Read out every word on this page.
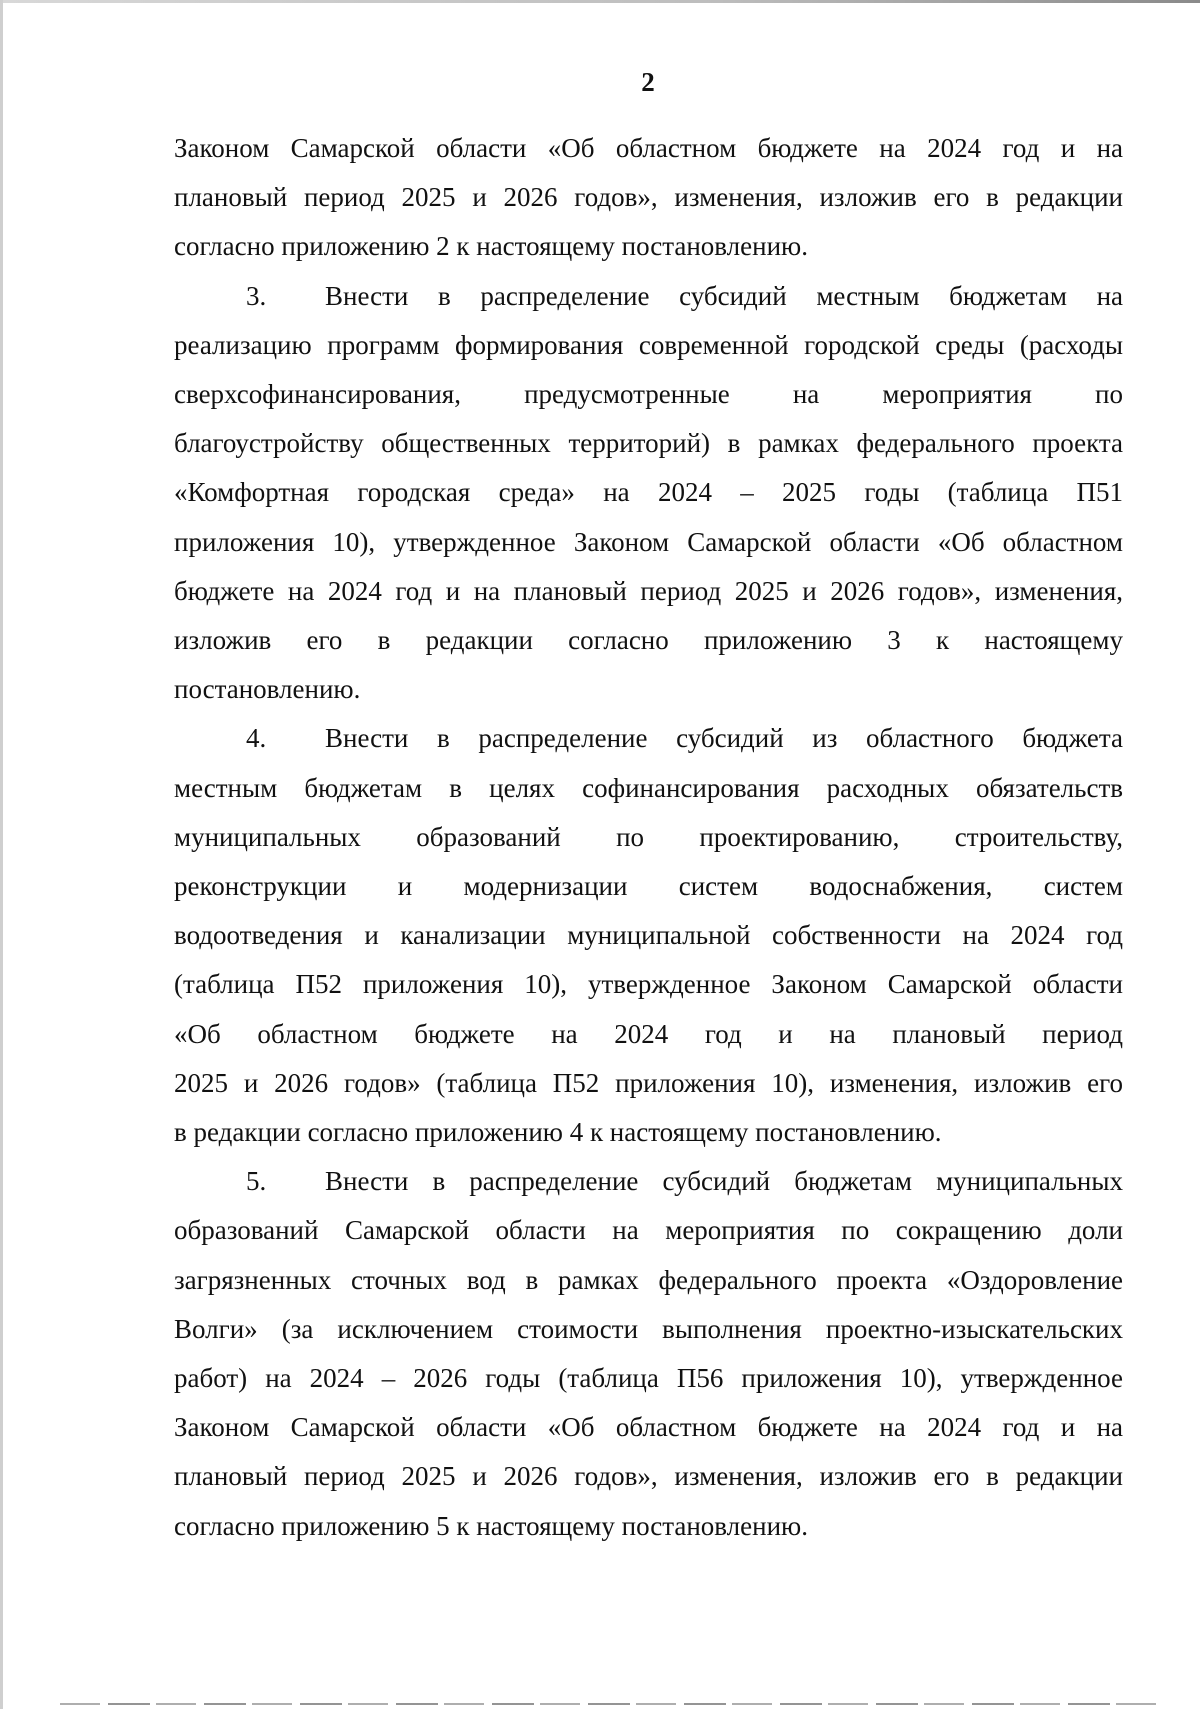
2
Законом Самарской области «Об областном бюджете на 2024 год и на
плановый период 2025 и 2026 годов», изменения, изложив его в редакции
согласно приложению 2 к настоящему постановлению.
3. Внести в распределение субсидий местным бюджетам на
реализацию программ формирования современной городской среды (расходы
сверхсофинансирования, предусмотренные на мероприятия по
благоустройству общественных территорий) в рамках федерального проекта
«Комфортная городская среда» на 2024 – 2025 годы (таблица П51
приложения 10), утвержденное Законом Самарской области «Об областном
бюджете на 2024 год и на плановый период 2025 и 2026 годов», изменения,
изложив его в редакции согласно приложению 3 к настоящему
постановлению.
4. Внести в распределение субсидий из областного бюджета
местным бюджетам в целях софинансирования расходных обязательств
муниципальных образований по проектированию, строительству,
реконструкции и модернизации систем водоснабжения, систем
водоотведения и канализации муниципальной собственности на 2024 год
(таблица П52 приложения 10), утвержденное Законом Самарской области
«Об областном бюджете на 2024 год и на плановый период
2025 и 2026 годов» (таблица П52 приложения 10), изменения, изложив его
в редакции согласно приложению 4 к настоящему постановлению.
5. Внести в распределение субсидий бюджетам муниципальных
образований Самарской области на мероприятия по сокращению доли
загрязненных сточных вод в рамках федерального проекта «Оздоровление
Волги» (за исключением стоимости выполнения проектно-изыскательских
работ) на 2024 – 2026 годы (таблица П56 приложения 10), утвержденное
Законом Самарской области «Об областном бюджете на 2024 год и на
плановый период 2025 и 2026 годов», изменения, изложив его в редакции
согласно приложению 5 к настоящему постановлению.
